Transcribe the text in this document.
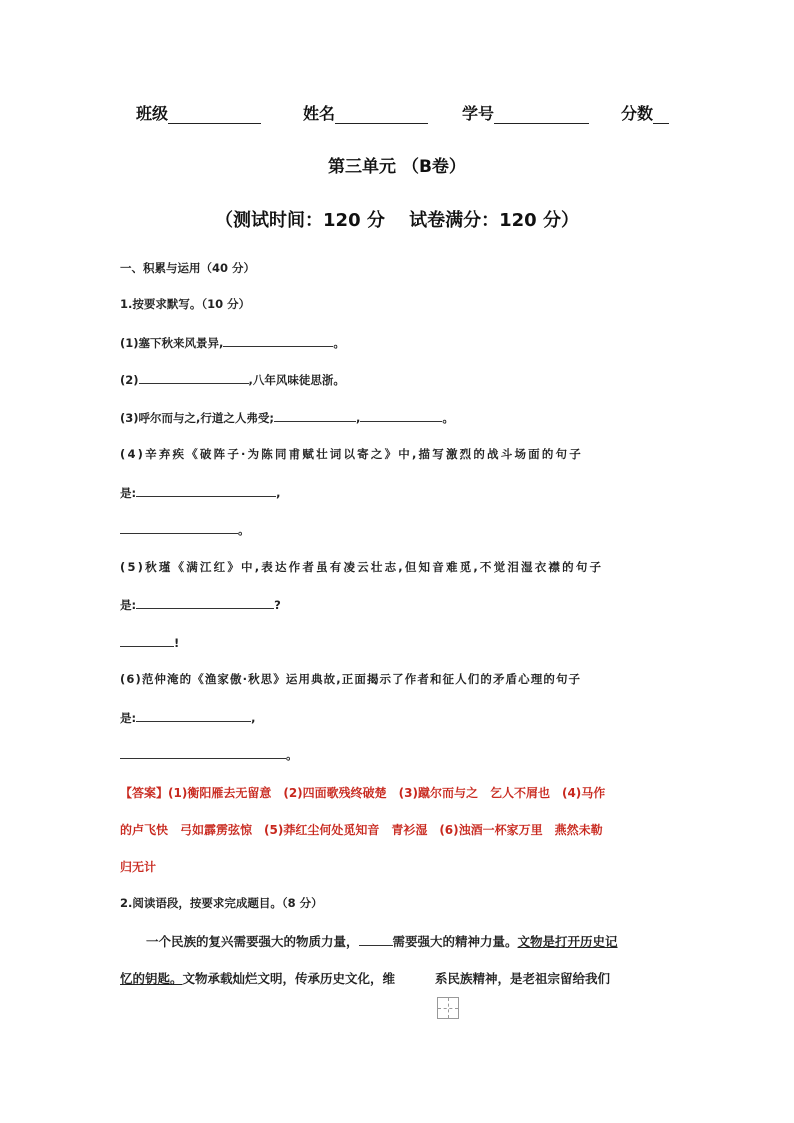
班级	姓名	学号	分数
第三单元 （B卷）
（测试时间：120 分　 试卷满分：120 分）
一、积累与运用（40 分）
1.按要求默写。（10 分）
(1)塞下秋来风景异,	。
(2)	,八年风味徒思浙。
(3)呼尔而与之,行道之人弗受;	,	。
(4)辛弃疾《破阵子·为陈同甫赋壮词以寄之》中,描写激烈的战斗场面的句子
是:	,
。
(5)秋瑾《满江红》中,表达作者虽有凌云壮志,但知音难觅,不觉泪湿衣襟的句子
是:	?
!
(6)范仲淹的《渔家傲·秋思》运用典故,正面揭示了作者和征人们的矛盾心理的句子
是:	,
。
【答案】(1)衡阳雁去无留意　(2)四面歌残终破楚　(3)蹴尔而与之　乞人不屑也　(4)马作
的卢飞快　弓如霹雳弦惊　(5)莽红尘何处觅知音　青衫湿　(6)浊酒一杯家万里　燕然未勒
归无计
2.阅读语段，按要求完成题目。（8 分）
一个民族的复兴需要强大的物质力量，	需要强大的精神力量。文物是打开历史记
忆的钥匙。文物承载灿烂文明，传承历史文化，维	系民族精神，是老祖宗留给我们
